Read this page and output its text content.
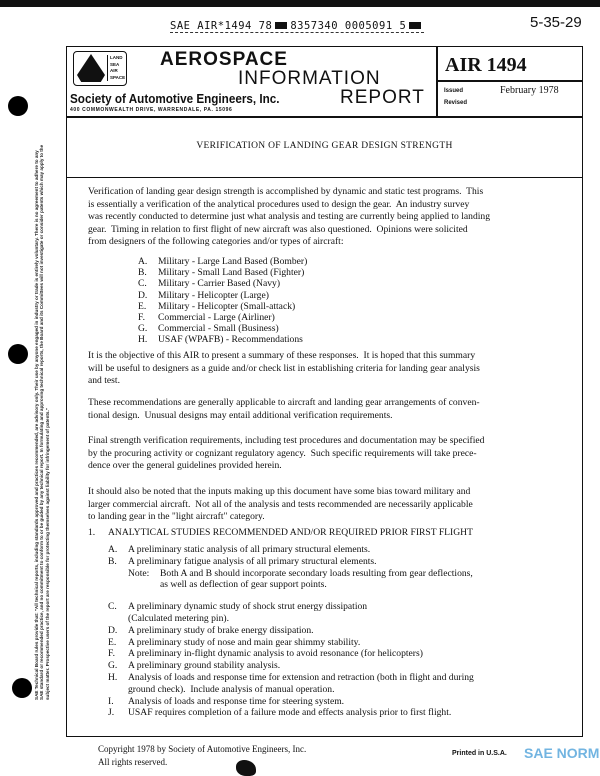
SAE AIR*1494 78 8357340 0005091 5	5-35-29
LAND
SEA
AIR
SPACE
AEROSPACE
INFORMATION
REPORT
Society of Automotive Engineers, Inc.
400 COMMONWEALTH DRIVE, WARRENDALE, PA. 15096
AIR 1494
Issued	February 1978
Revised
VERIFICATION OF LANDING GEAR DESIGN STRENGTH
Verification of landing gear design strength is accomplished by dynamic and static test programs.  This
is essentially a verification of the analytical procedures used to design the gear.  An industry survey
was recently conducted to determine just what analysis and testing are currently being applied to landing
gear.  Timing in relation to first flight of new aircraft was also questioned.  Opinions were solicited
from designers of the following categories and/or types of aircraft:
A. Military - Large Land Based (Bomber)
B. Military - Small Land Based (Fighter)
C. Military - Carrier Based (Navy)
D. Military - Helicopter (Large)
E. Military - Helicopter (Small-attack)
F. Commercial - Large (Airliner)
G. Commercial - Small (Business)
H. USAF (WPAFB) - Recommendations
It is the objective of this AIR to present a summary of these responses.  It is hoped that this summary
will be useful to designers as a guide and/or check list in establishing criteria for landing gear analysis
and test.
These recommendations are generally applicable to aircraft and landing gear arrangements of conven-
tional design.  Unusual designs may entail additional verification requirements.
Final strength verification requirements, including test procedures and documentation may be specified
by the procuring activity or cognizant regulatory agency.  Such specific requirements will take prece-
dence over the general guidelines provided herein.
It should also be noted that the inputs making up this document have some bias toward military and
larger commercial aircraft.  Not all of the analysis and tests recommended are necessarily applicable
to landing gear in the "light aircraft" category.
1. ANALYTICAL STUDIES RECOMMENDED AND/OR REQUIRED PRIOR FIRST FLIGHT
A. A preliminary static analysis of all primary structural elements.
B. A preliminary fatigue analysis of all primary structural elements.
Note: Both A and B should incorporate secondary loads resulting from gear deflections,
as well as deflection of gear support points.
C. A preliminary dynamic study of shock strut energy dissipation
(Calculated metering pin).
D. A preliminary study of brake energy dissipation.
E. A preliminary study of nose and main gear shimmy stability.
F. A preliminary in-flight dynamic analysis to avoid resonance (for helicopters)
G. A preliminary ground stability analysis.
H. Analysis of loads and response time for extension and retraction (both in flight and during
ground check).  Include analysis of manual operation.
I. Analysis of loads and response time for steering system.
J. USAF requires completion of a failure mode and effects analysis prior to first flight.
SAE Technical Board rules provide that: "All technical reports, including standards approved and practices recommended, are advisory only. Their use by anyone engaged in industry or trade is entirely voluntary. There is no agreement to adhere to any SAE standard or recommended practice, and no commitment to conform to or be guided by any technical report. In formulating and approving technical reports, the Board and its Committees will not investigate or consider patents which may apply to the subject matter. Prospective users of the report are responsible for protecting themselves against liability for infringement of patents."
Copyright 1978 by Society of Automotive Engineers, Inc.
All rights reserved.
Printed in U.S.A. SAE NORM
